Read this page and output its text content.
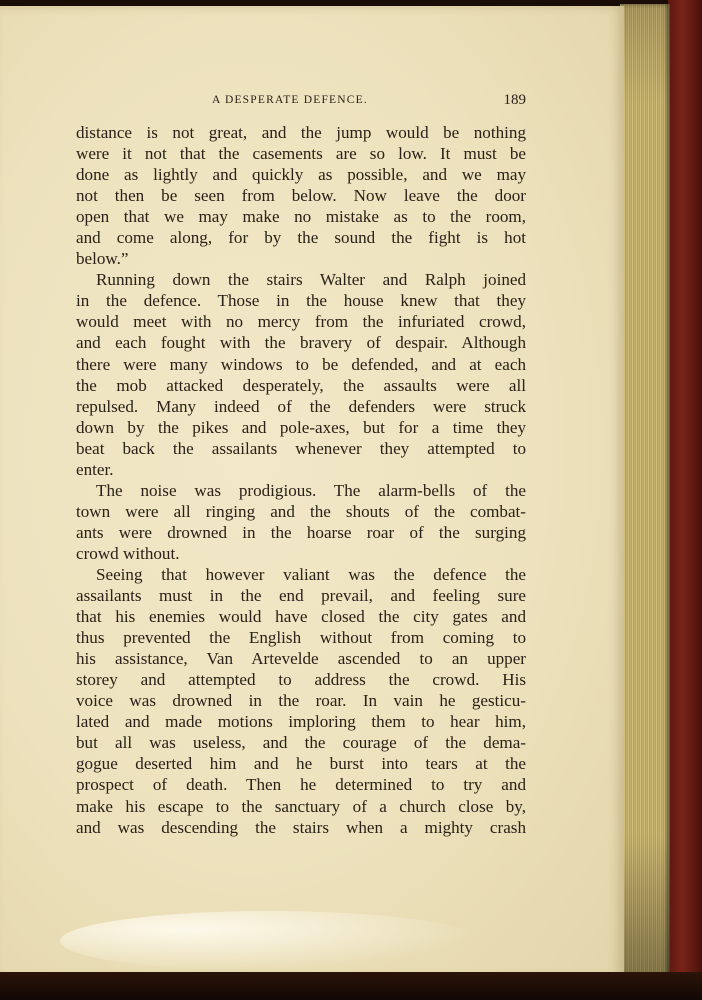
A DESPERATE DEFENCE.	189
distance is not great, and the jump would be nothing
were it not that the casements are so low. It must be
done as lightly and quickly as possible, and we may
not then be seen from below. Now leave the door
open that we may make no mistake as to the room,
and come along, for by the sound the fight is hot
below.”
Running down the stairs Walter and Ralph joined
in the defence. Those in the house knew that they
would meet with no mercy from the infuriated crowd,
and each fought with the bravery of despair. Although
there were many windows to be defended, and at each
the mob attacked desperately, the assaults were all
repulsed. Many indeed of the defenders were struck
down by the pikes and pole-axes, but for a time they
beat back the assailants whenever they attempted to
enter.
The noise was prodigious. The alarm-bells of the
town were all ringing and the shouts of the combat-
ants were drowned in the hoarse roar of the surging
crowd without.
Seeing that however valiant was the defence the
assailants must in the end prevail, and feeling sure
that his enemies would have closed the city gates and
thus prevented the English without from coming to
his assistance, Van Artevelde ascended to an upper
storey and attempted to address the crowd. His
voice was drowned in the roar. In vain he gesticu-
lated and made motions imploring them to hear him,
but all was useless, and the courage of the dema-
gogue deserted him and he burst into tears at the
prospect of death. Then he determined to try and
make his escape to the sanctuary of a church close by,
and was descending the stairs when a mighty crash
